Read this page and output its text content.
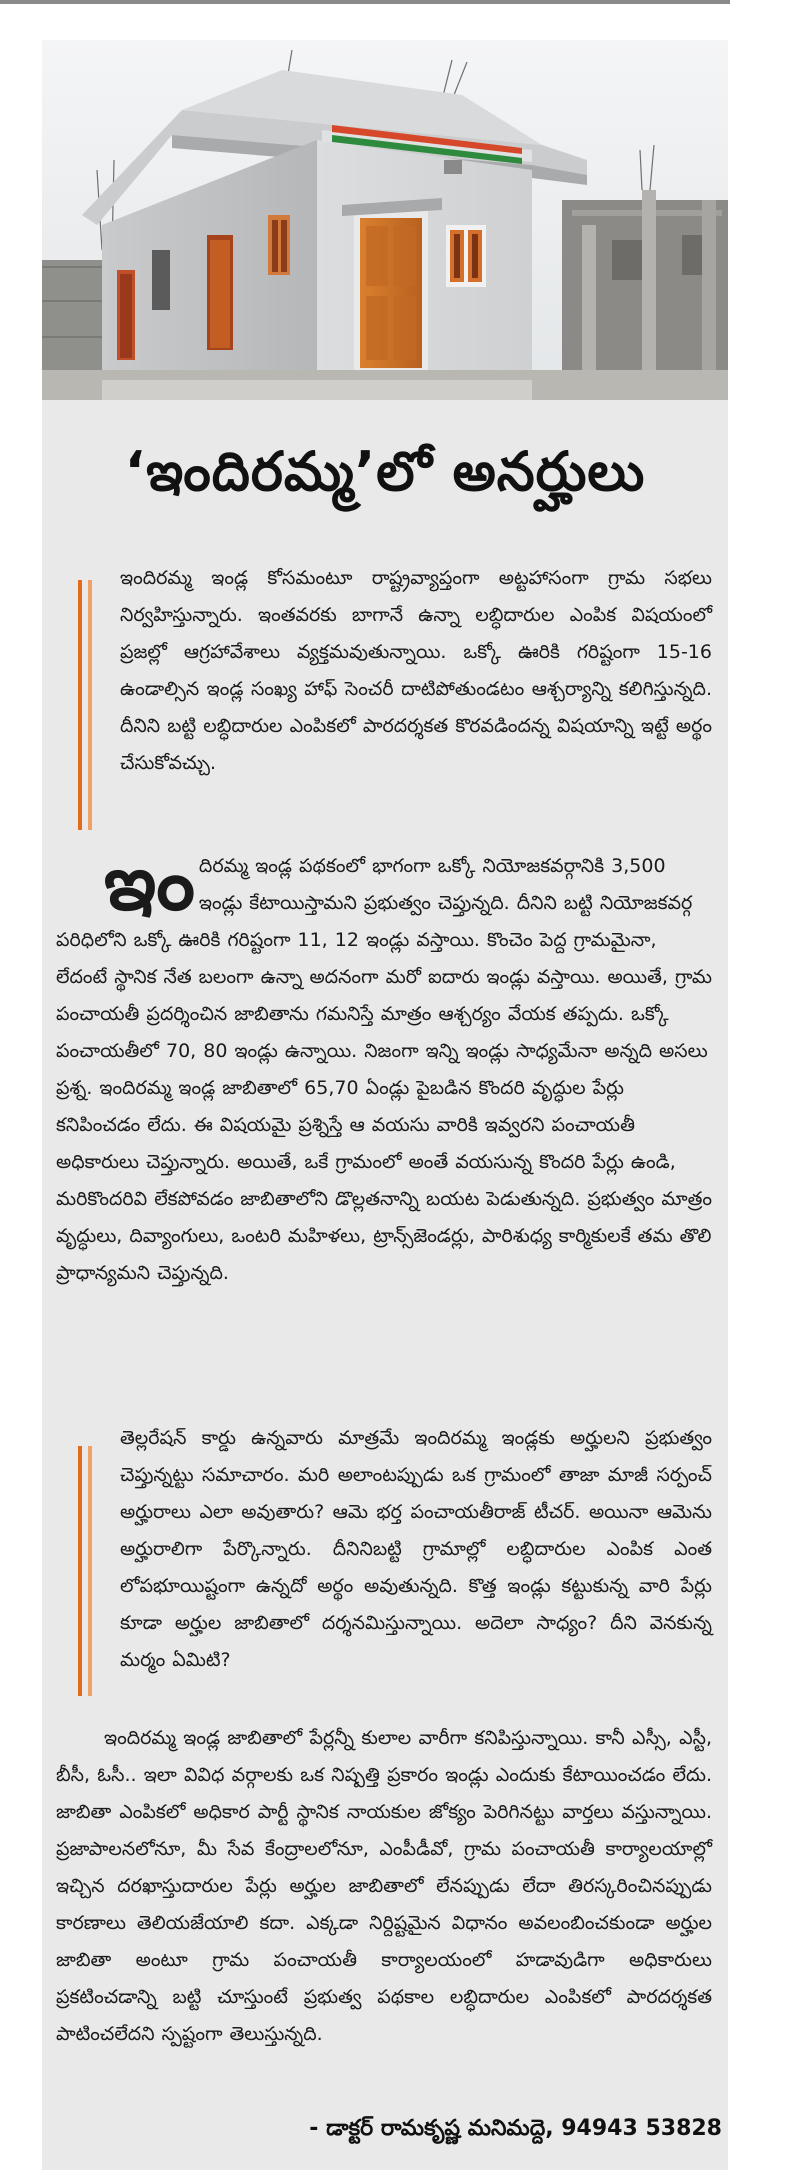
‘ఇందిరమ్మ’లో అనర్హులు
ఇందిరమ్మ ఇండ్ల కోసమంటూ రాష్ట్రవ్యాప్తంగా అట్టహాసంగా గ్రామ సభలు నిర్వహిస్తున్నారు. ఇంతవరకు బాగానే ఉన్నా లబ్ధిదారుల ఎంపిక విషయంలో ప్రజల్లో ఆగ్రహావేశాలు వ్యక్తమవుతున్నాయి. ఒక్కో ఊరికి గరిష్టంగా 15-16 ఉండాల్సిన ఇండ్ల సంఖ్య హాఫ్ సెంచరీ దాటిపోతుండటం ఆశ్చర్యాన్ని కలిగిస్తున్నది. దీనిని బట్టి లబ్ధిదారుల ఎంపికలో పారదర్శకత కొరవడిందన్న విషయాన్ని ఇట్టే అర్థం చేసుకోవచ్చు.
ఇం దిరమ్మ ఇండ్ల పథకంలో భాగంగా ఒక్కో నియోజకవర్గానికి 3,500 ఇండ్లు కేటాయిస్తామని ప్రభుత్వం చెప్తున్నది. దీనిని బట్టి నియోజకవర్గ పరిధిలోని ఒక్కో ఊరికి గరిష్టంగా 11, 12 ఇండ్లు వస్తాయి. కొంచెం పెద్ద గ్రామమైనా, లేదంటే స్థానిక నేత బలంగా ఉన్నా అదనంగా మరో ఐదారు ఇండ్లు వస్తాయి. అయితే, గ్రామ పంచాయతీ ప్రదర్శించిన జాబితాను గమనిస్తే మాత్రం ఆశ్చర్యం వేయక తప్పదు. ఒక్కో పంచాయతీలో 70, 80 ఇండ్లు ఉన్నాయి. నిజంగా ఇన్ని ఇండ్లు సాధ్యమేనా అన్నది అసలు ప్రశ్న. ఇందిరమ్మ ఇండ్ల జాబితాలో 65,70 ఏండ్లు పైబడిన కొందరి వృద్ధుల పేర్లు కనిపించడం లేదు. ఈ విషయమై ప్రశ్నిస్తే ఆ వయసు వారికి ఇవ్వరని పంచాయతీ అధికారులు చెప్తున్నారు. అయితే, ఒకే గ్రామంలో అంతే వయసున్న కొందరి పేర్లు ఉండి, మరికొందరివి లేకపోవడం జాబితాలోని డొల్లతనాన్ని బయట పెడుతున్నది. ప్రభుత్వం మాత్రం వృద్ధులు, దివ్యాంగులు, ఒంటరి మహిళలు, ట్రాన్స్‌జెండర్లు, పారిశుధ్య కార్మికులకే తమ తొలి ప్రాధాన్యమని చెప్తున్నది.
తెల్లరేషన్ కార్డు ఉన్నవారు మాత్రమే ఇందిరమ్మ ఇండ్లకు అర్హులని ప్రభుత్వం చెప్తున్నట్టు సమాచారం. మరి అలాంటప్పుడు ఒక గ్రామంలో తాజా మాజీ సర్పంచ్ అర్హురాలు ఎలా అవుతారు? ఆమె భర్త పంచాయతీరాజ్ టీచర్. అయినా ఆమెను అర్హురాలిగా పేర్కొన్నారు. దీనినిబట్టి గ్రామాల్లో లబ్ధిదారుల ఎంపిక ఎంత లోపభూయిష్టంగా ఉన్నదో అర్థం అవుతున్నది. కొత్త ఇండ్లు కట్టుకున్న వారి పేర్లు కూడా అర్హుల జాబితాలో దర్శనమిస్తున్నాయి. అదెలా సాధ్యం? దీని వెనకున్న మర్మం ఏమిటి?
ఇందిరమ్మ ఇండ్ల జాబితాలో పేర్లన్నీ కులాల వారీగా కనిపిస్తున్నాయి. కానీ ఎస్సీ, ఎస్టీ, బీసీ, ఓసీ.. ఇలా వివిధ వర్గాలకు ఒక నిష్పత్తి ప్రకారం ఇండ్లు ఎందుకు కేటాయించడం లేదు. జాబితా ఎంపికలో అధికార పార్టీ స్థానిక నాయకుల జోక్యం పెరిగినట్టు వార్తలు వస్తున్నాయి. ప్రజాపాలనలోనూ, మీ సేవ కేంద్రాలలోనూ, ఎంపీడీవో, గ్రామ పంచాయతీ కార్యాలయాల్లో ఇచ్చిన దరఖాస్తుదారుల పేర్లు అర్హుల జాబితాలో లేనప్పుడు లేదా తిరస్కరించినప్పుడు కారణాలు తెలియజేయాలి కదా. ఎక్కడా నిర్దిష్టమైన విధానం అవలంబించకుండా అర్హుల జాబితా అంటూ గ్రామ పంచాయతీ కార్యాలయంలో హడావుడిగా అధికారులు ప్రకటించడాన్ని బట్టి చూస్తుంటే ప్రభుత్వ పథకాల లబ్ధిదారుల ఎంపికలో పారదర్శకత పాటించలేదని స్పష్టంగా తెలుస్తున్నది.
- డాక్టర్ రామకృష్ణ మనిమద్దె, 94943 53828
